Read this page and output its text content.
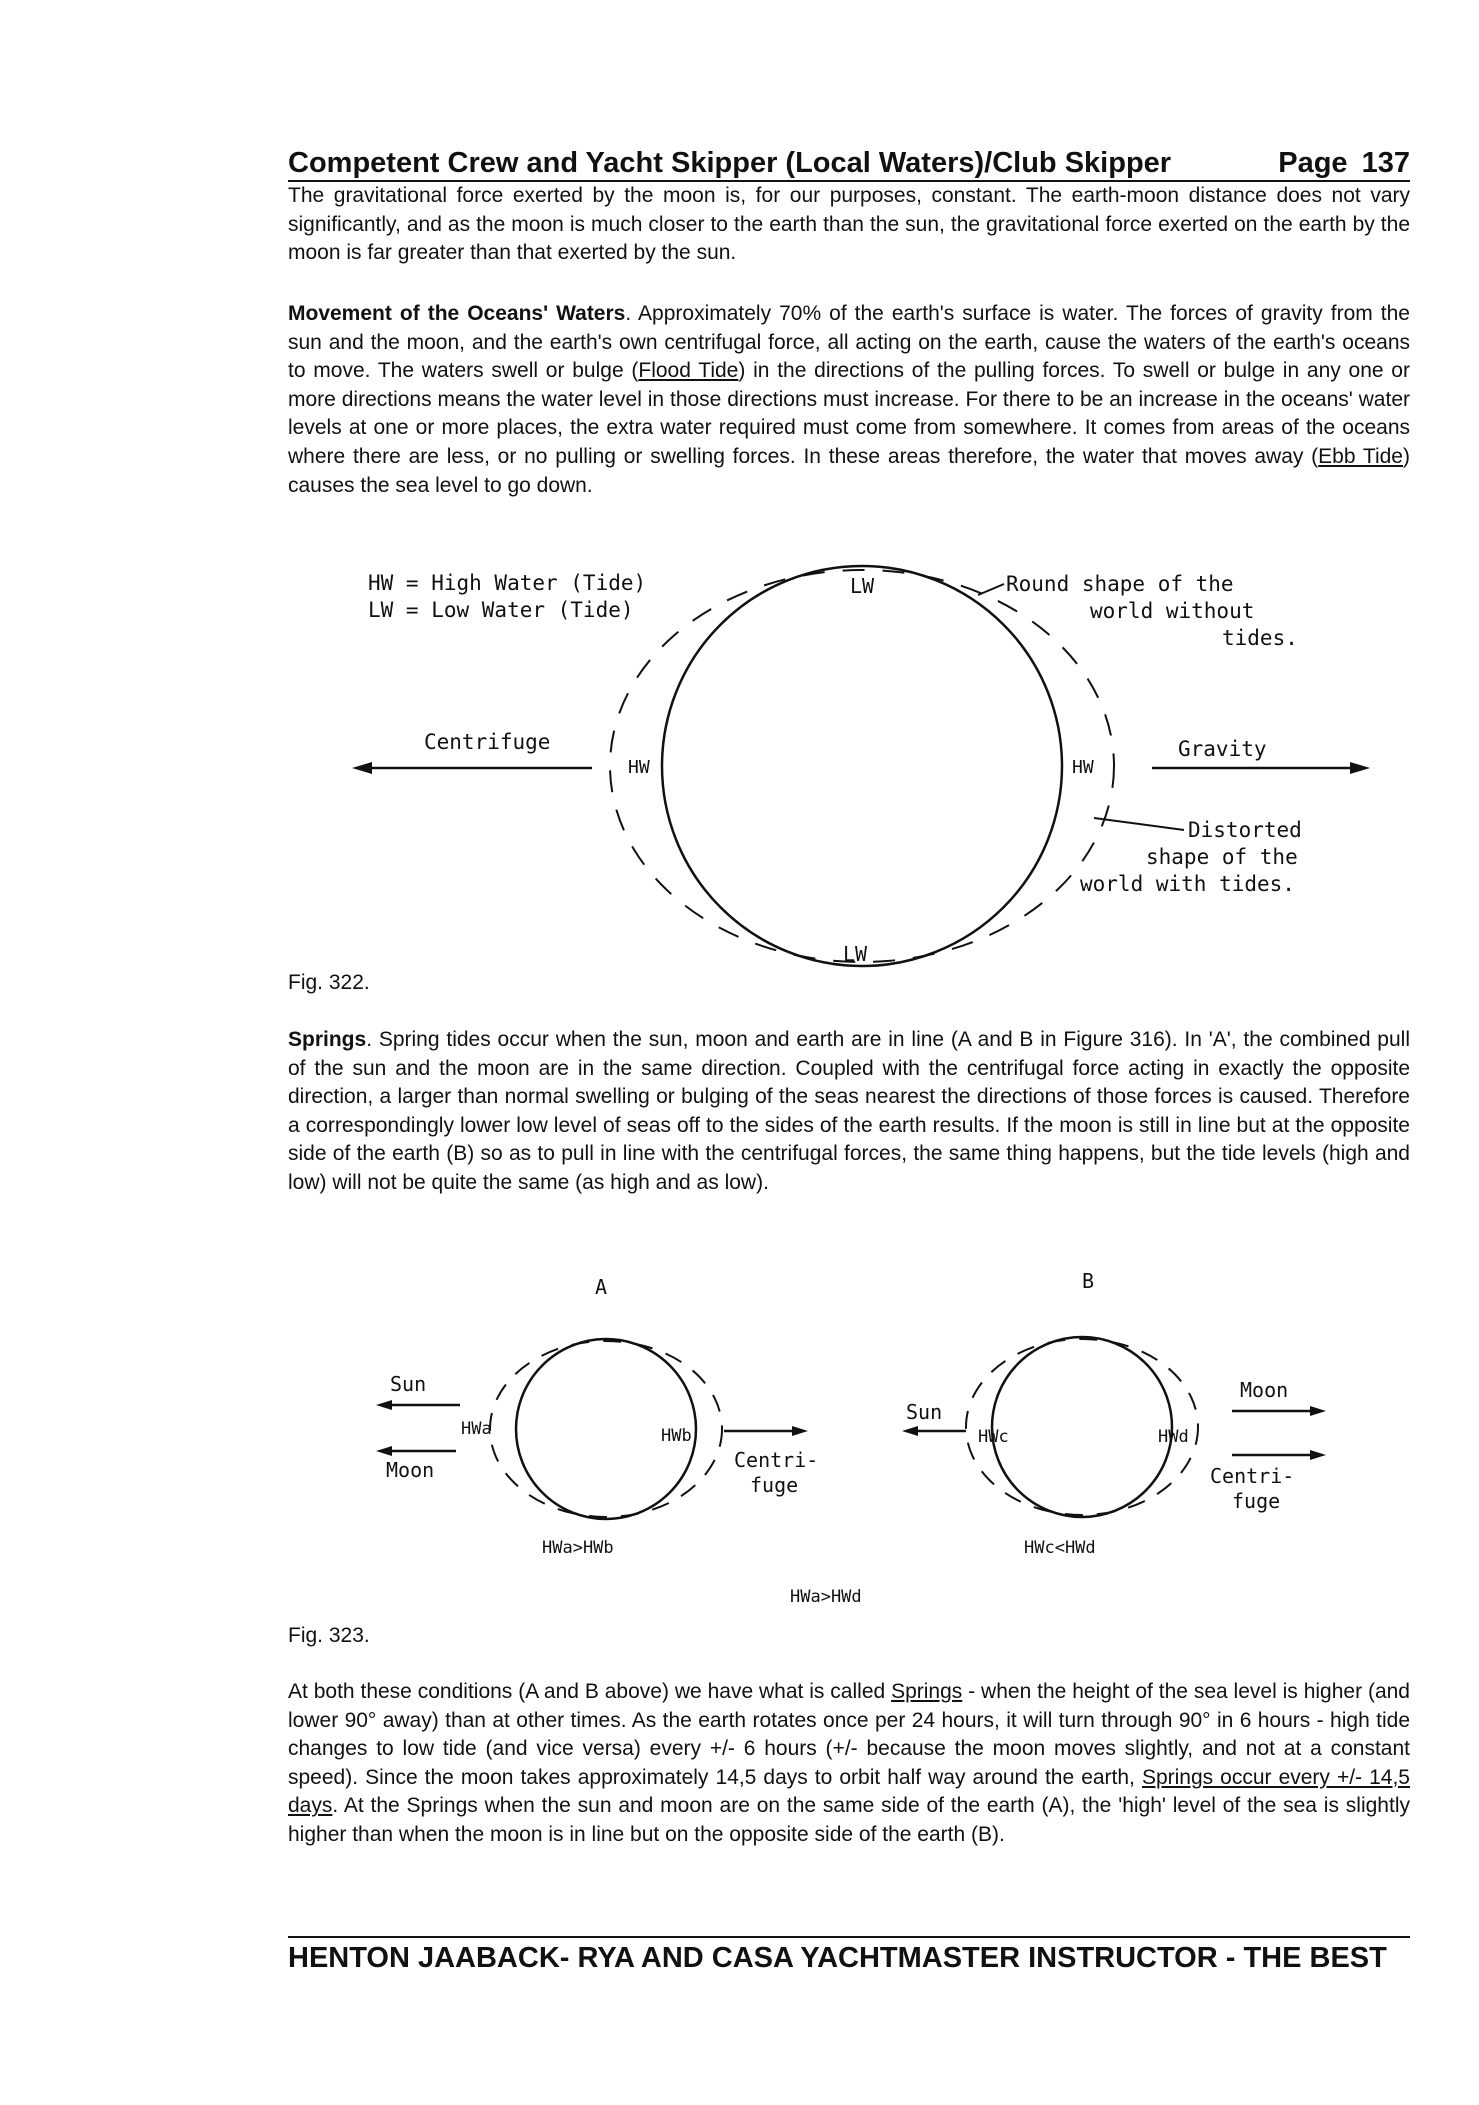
Competent Crew and Yacht Skipper (Local Waters)/Club Skipper	Page 137

The gravitational force exerted by the moon is, for our purposes, constant. The earth-moon distance does not vary significantly, and as the moon is much closer to the earth than the sun, the gravitational force exerted on the earth by the moon is far greater than that exerted by the sun.

Movement of the Oceans' Waters. Approximately 70% of the earth's surface is water. The forces of gravity from the sun and the moon, and the earth's own centrifugal force, all acting on the earth, cause the waters of the earth's oceans to move. The waters swell or bulge (Flood Tide) in the directions of the pulling forces. To swell or bulge in any one or more directions means the water level in those directions must increase. For there to be an increase in the oceans' water levels at one or more places, the extra water required must come from somewhere. It comes from areas of the oceans where there are less, or no pulling or swelling forces. In these areas therefore, the water that moves away (Ebb Tide) causes the sea level to go down.

HW = High Water (Tide)
LW = Low Water (Tide)
LW
LW
HW	HW
Round shape of the
world without
tides.
Centrifuge	Gravity
Distorted
shape of the
world with tides.
Fig. 322.

Springs. Spring tides occur when the sun, moon and earth are in line (A and B in Figure 316). In 'A', the combined pull of the sun and the moon are in the same direction. Coupled with the centrifugal force acting in exactly the opposite direction, a larger than normal swelling or bulging of the seas nearest the directions of those forces is caused. Therefore a correspondingly lower low level of seas off to the sides of the earth results. If the moon is still in line but at the opposite side of the earth (B) so as to pull in line with the centrifugal forces, the same thing happens, but the tide levels (high and low) will not be quite the same (as high and as low).

A	B
Sun
HWa	HWb
Moon	Centri-
fuge
HWa>HWb
Sun
HWc	HWd
Moon
Centri-
fuge
HWc<HWd
HWa>HWd
Fig. 323.

At both these conditions (A and B above) we have what is called Springs - when the height of the sea level is higher (and lower 90° away) than at other times. As the earth rotates once per 24 hours, it will turn through 90° in 6 hours - high tide changes to low tide (and vice versa) every +/- 6 hours (+/- because the moon moves slightly, and not at a constant speed). Since the moon takes approximately 14,5 days to orbit half way around the earth, Springs occur every +/- 14,5 days. At the Springs when the sun and moon are on the same side of the earth (A), the 'high' level of the sea is slightly higher than when the moon is in line but on the opposite side of the earth (B).

HENTON JAABACK- RYA AND CASA YACHTMASTER INSTRUCTOR - THE BEST
